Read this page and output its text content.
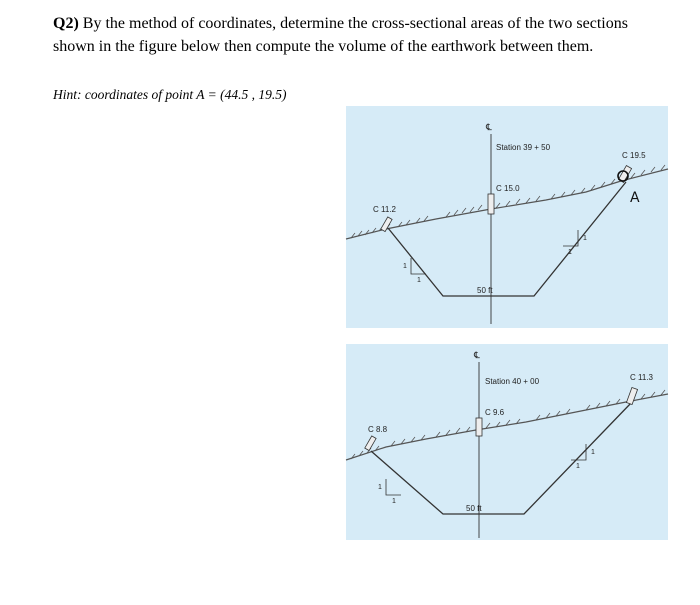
Q2) By the method of coordinates, determine the cross-sectional areas of the two sections shown in the figure below then compute the volume of the earthwork between them.
Hint: coordinates of point A = (44.5 , 19.5)
℄
Station 39 + 50
C 15.0
C 11.2
C 19.5
50 ft
A
1
1
1
1
℄
Station 40 + 00
C 9.6
C 8.8
C 11.3
50 ft
1
1
1
1
